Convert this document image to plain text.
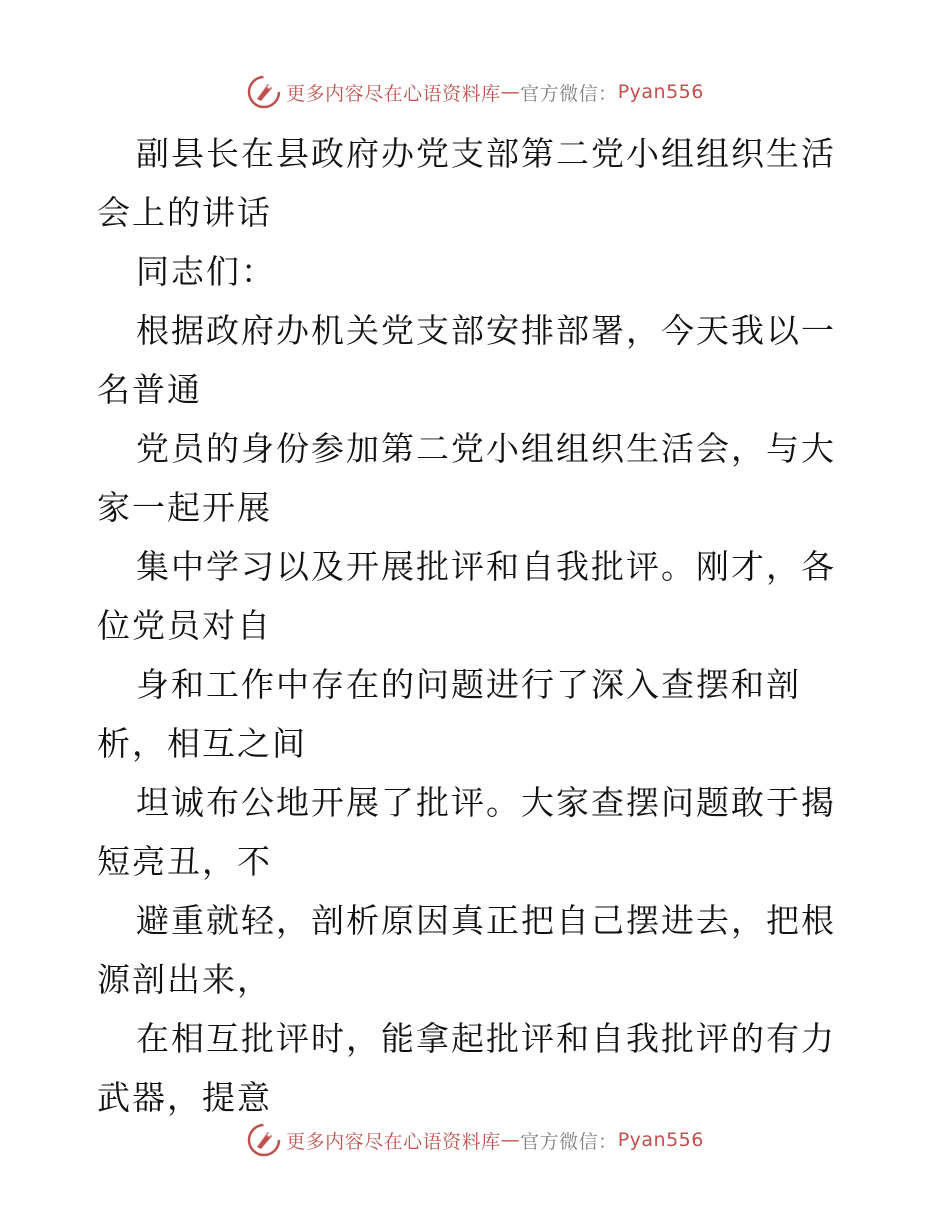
更多内容尽在心语资料库 — 官方微信： Pyan556

副县长在县政府办党支部第二党小组组织生活会上的讲话

同志们：

根据政府办机关党支部安排部署，今天我以一名普通

党员的身份参加第二党小组组织生活会，与大家一起开展

集中学习以及开展批评和自我批评。刚才，各位党员对自

身和工作中存在的问题进行了深入查摆和剖析，相互之间

坦诚布公地开展了批评。大家查摆问题敢于揭短亮丑，不

避重就轻，剖析原因真正把自己摆进去，把根源剖出来，

在相互批评时，能拿起批评和自我批评的有力武器，提意

更多内容尽在心语资料库 — 官方微信： Pyan556
